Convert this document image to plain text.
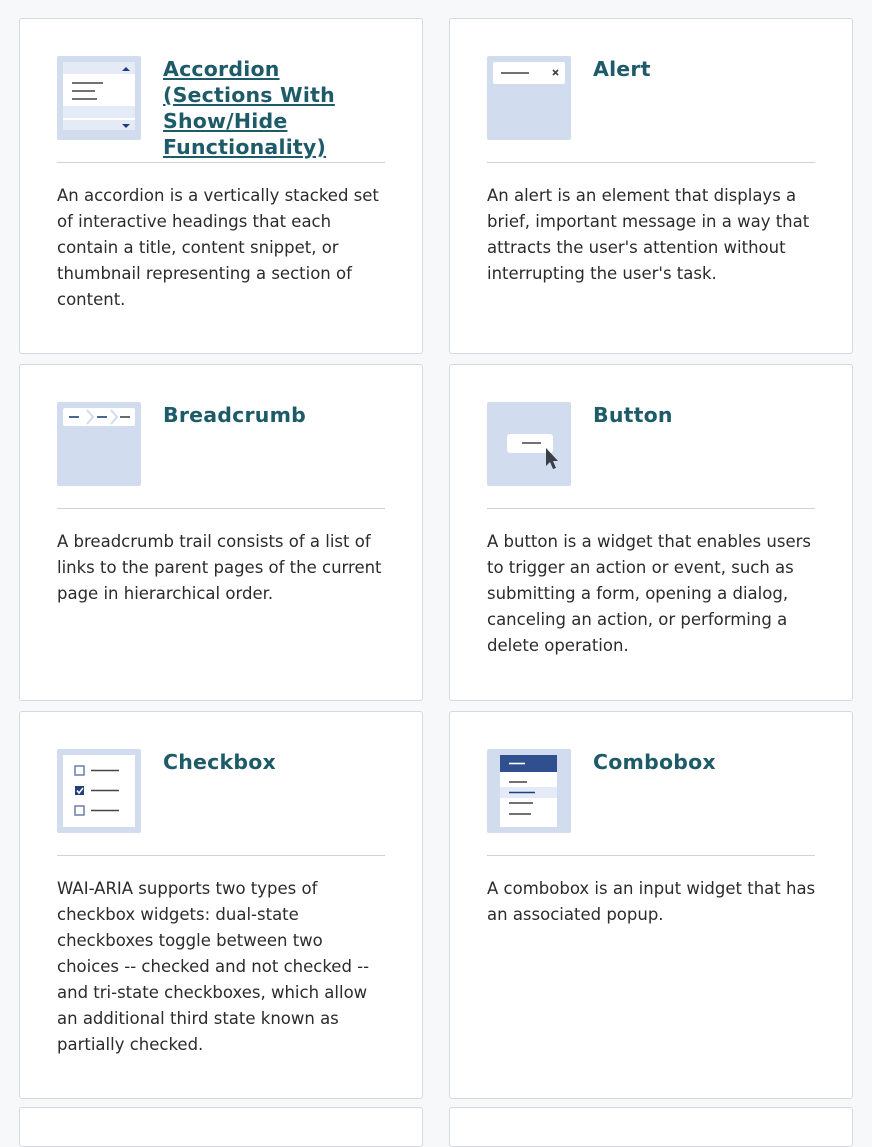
Accordion (Sections With Show/Hide Functionality)

An accordion is a vertically stacked set of interactive headings that each contain a title, content snippet, or thumbnail representing a section of content.

Alert

An alert is an element that displays a brief, important message in a way that attracts the user's attention without interrupting the user's task.

Breadcrumb

A breadcrumb trail consists of a list of links to the parent pages of the current page in hierarchical order.

Button

A button is a widget that enables users to trigger an action or event, such as submitting a form, opening a dialog, canceling an action, or performing a delete operation.

Checkbox

WAI-ARIA supports two types of checkbox widgets: dual-state checkboxes toggle between two choices -- checked and not checked -- and tri-state checkboxes, which allow an additional third state known as partially checked.

Combobox

A combobox is an input widget that has an associated popup.
